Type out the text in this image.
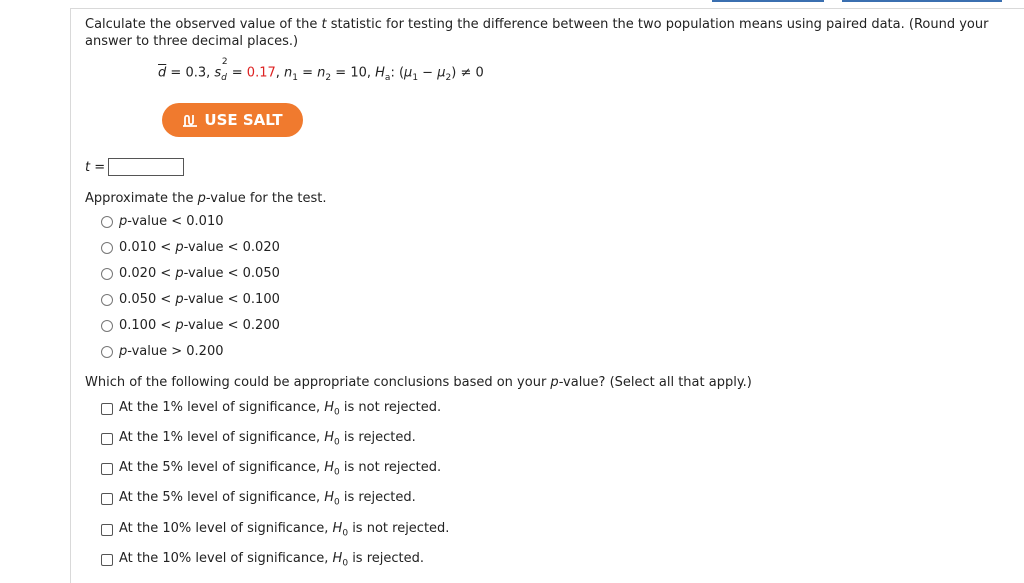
Calculate the observed value of the t statistic for testing the difference between the two population means using paired data. (Round your answer to three decimal places.)
$\overline{d} = 0.3$, $s_d^2 = 0.17$, $n_1 = n_2 = 10$, $H_a$: $(\mu_1 - \mu_2) \ne 0$
USE SALT
t =
Approximate the p-value for the test.
p-value < 0.010
0.010 < p-value < 0.020
0.020 < p-value < 0.050
0.050 < p-value < 0.100
0.100 < p-value < 0.200
p-value > 0.200
Which of the following could be appropriate conclusions based on your p-value? (Select all that apply.)
At the 1% level of significance, $H_0$ is not rejected.
At the 1% level of significance, $H_0$ is rejected.
At the 5% level of significance, $H_0$ is not rejected.
At the 5% level of significance, $H_0$ is rejected.
At the 10% level of significance, $H_0$ is not rejected.
At the 10% level of significance, $H_0$ is rejected.
